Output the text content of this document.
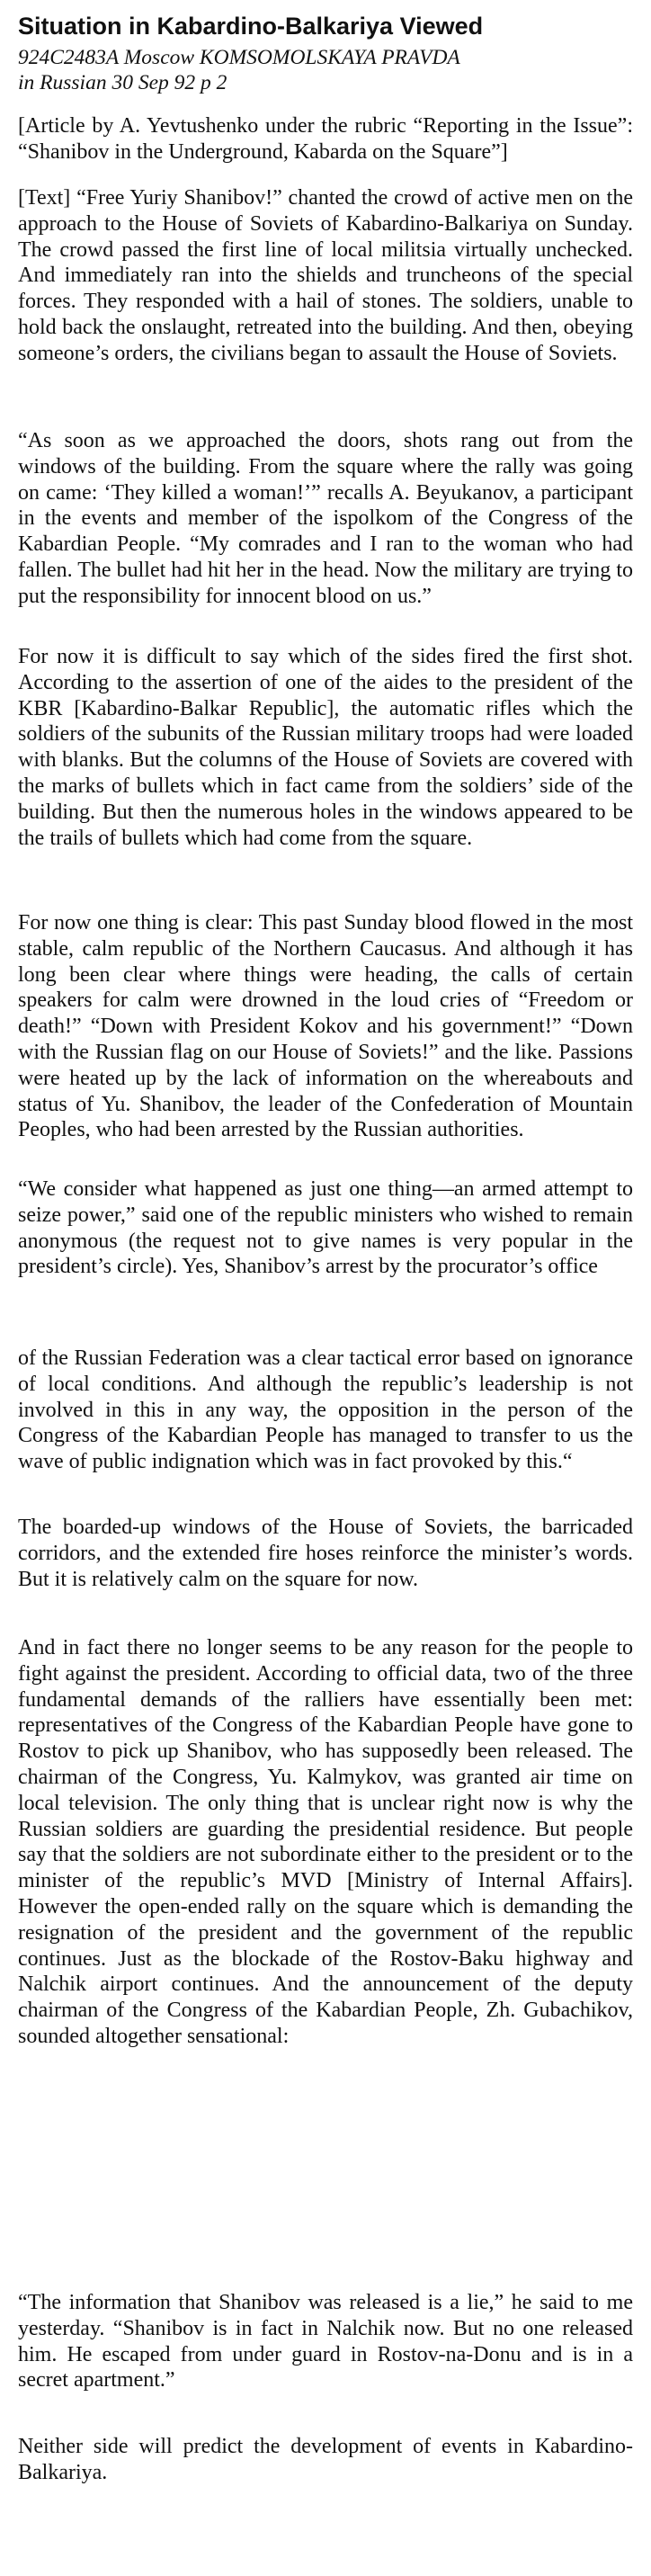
Situation in Kabardino-Balkariya Viewed

924C2483A Moscow KOMSOMOLSKAYA PRAVDA

in Russian 30 Sep 92 p 2

[Article by A. Yevtushenko under the rubric “Reporting in the Issue”: “Shanibov in the Underground, Kabarda on the Square”]

[Text] “Free Yuriy Shanibov!” chanted the crowd of active men on the approach to the House of Soviets of Kabardino-Balkariya on Sunday. The crowd passed the first line of local militsia virtually unchecked. And immediately ran into the shields and truncheons of the special forces. They responded with a hail of stones. The soldiers, unable to hold back the onslaught, retreated into the building. And then, obeying someone’s orders, the civilians began to assault the House of Soviets.

“As soon as we approached the doors, shots rang out from the windows of the building. From the square where the rally was going on came: ‘They killed a woman!’” recalls A. Beyukanov, a participant in the events and member of the ispolkom of the Congress of the Kabardian People. “My comrades and I ran to the woman who had fallen. The bullet had hit her in the head. Now the military are trying to put the responsibility for innocent blood on us.”

For now it is difficult to say which of the sides fired the first shot. According to the assertion of one of the aides to the president of the KBR [Kabardino-Balkar Republic], the automatic rifles which the soldiers of the subunits of the Russian military troops had were loaded with blanks. But the columns of the House of Soviets are covered with the marks of bullets which in fact came from the soldiers’ side of the building. But then the numerous holes in the windows appeared to be the trails of bullets which had come from the square.

For now one thing is clear: This past Sunday blood flowed in the most stable, calm republic of the Northern Caucasus. And although it has long been clear where things were heading, the calls of certain speakers for calm were drowned in the loud cries of “Freedom or death!” “Down with President Kokov and his government!” “Down with the Russian flag on our House of Soviets!” and the like. Passions were heated up by the lack of information on the whereabouts and status of Yu. Shanibov, the leader of the Confederation of Mountain Peoples, who had been arrested by the Russian authorities.

“We consider what happened as just one thing—an armed attempt to seize power,” said one of the republic ministers who wished to remain anonymous (the request not to give names is very popular in the president’s circle). Yes, Shanibov’s arrest by the procurator’s office

of the Russian Federation was a clear tactical error based on ignorance of local conditions. And although the republic’s leadership is not involved in this in any way, the opposition in the person of the Congress of the Kabardian People has managed to transfer to us the wave of public indignation which was in fact provoked by this.“

The boarded-up windows of the House of Soviets, the barricaded corridors, and the extended fire hoses reinforce the minister’s words. But it is relatively calm on the square for now.

And in fact there no longer seems to be any reason for the people to fight against the president. According to official data, two of the three fundamental demands of the ralliers have essentially been met: representatives of the Congress of the Kabardian People have gone to Rostov to pick up Shanibov, who has supposedly been released. The chairman of the Congress, Yu. Kalmykov, was granted air time on local television. The only thing that is unclear right now is why the Russian soldiers are guarding the presidential residence. But people say that the soldiers are not subordinate either to the president or to the minister of the republic’s MVD [Ministry of Internal Affairs]. However the open-ended rally on the square which is demanding the resignation of the president and the government of the republic continues. Just as the blockade of the Rostov-Baku highway and Nalchik airport continues. And the announcement of the deputy chairman of the Congress of the Kabardian People, Zh. Gubachikov, sounded altogether sensational:

“The information that Shanibov was released is a lie,” he said to me yesterday. “Shanibov is in fact in Nalchik now. But no one released him. He escaped from under guard in Rostov-na-Donu and is in a secret apartment.”

Neither side will predict the development of events in Kabardino-Balkariya.
